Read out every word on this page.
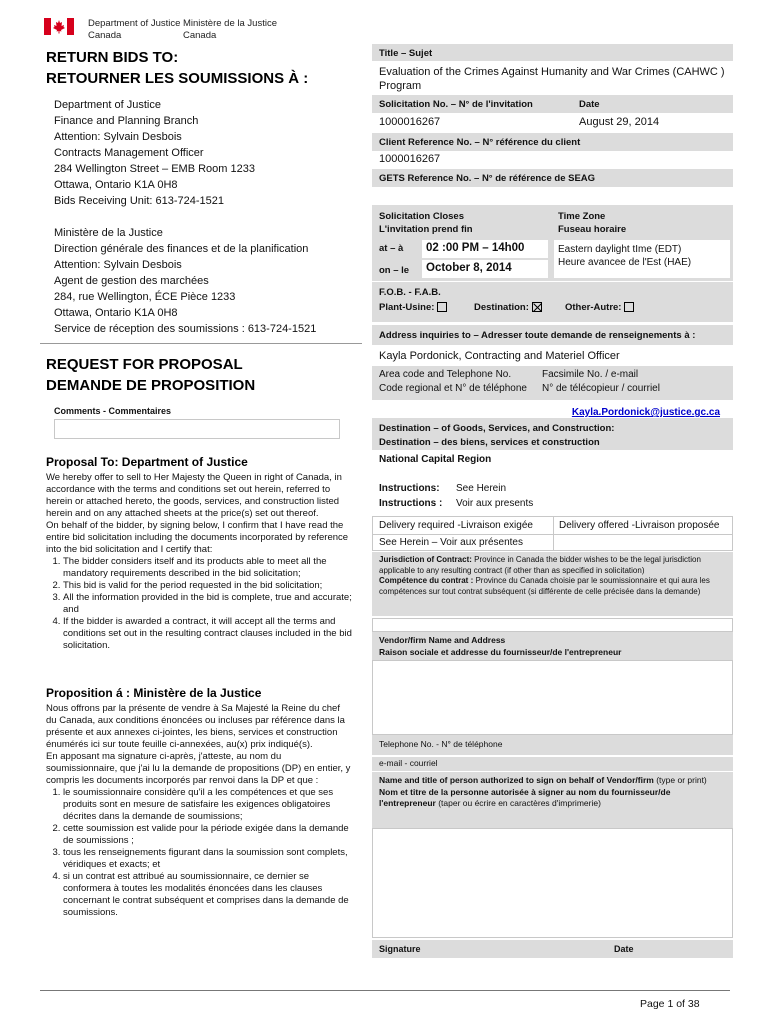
Department of Justice
Canada
Ministère de la Justice
Canada
RETURN BIDS TO:
RETOURNER LES SOUMISSIONS À :
Department of Justice
Finance and Planning Branch
Attention: Sylvain Desbois
Contracts Management Officer
284 Wellington Street – EMB Room 1233
Ottawa, Ontario K1A 0H8
Bids Receiving Unit: 613-724-1521
Ministère de la Justice
Direction générale des finances et de la planification
Attention: Sylvain Desbois
Agent de gestion des marchées
284, rue Wellington, ÉCE Pièce 1233
Ottawa, Ontario K1A 0H8
Service de réception des soumissions : 613-724-1521
REQUEST FOR PROPOSAL
DEMANDE DE PROPOSITION
Comments - Commentaires
Proposal To: Department of Justice

We hereby offer to sell to Her Majesty the Queen in right of Canada, in accordance with the terms and conditions set out herein, referred to herein or attached hereto, the goods, services, and construction listed herein and on any attached sheets at the price(s) set out thereof.

On behalf of the bidder, by signing below, I confirm that I have read the entire bid solicitation including the documents incorporated by reference into the bid solicitation and I certify that:

1. The bidder considers itself and its products able to meet all the mandatory requirements described in the bid solicitation;
2. This bid is valid for the period requested in the bid solicitation;
3. All the information provided in the bid is complete, true and accurate; and
4. If the bidder is awarded a contract, it will accept all the terms and conditions set out in the resulting contract clauses included in the bid solicitation.
Proposition á : Ministère de la Justice

Nous offrons par la présente de vendre à Sa Majesté la Reine du chef du Canada, aux conditions énoncées ou incluses par référence dans la présente et aux annexes ci-jointes, les biens, services et construction énumérés ici sur toute feuille ci-annexées, au(x) prix indiqué(s).

En apposant ma signature ci-après, j'atteste, au nom du soumissionnaire, que j'ai lu la demande de propositions (DP) en entier, y compris les documents incorporés par renvoi dans la DP et que :

1. le soumissionnaire considère qu'il a les compétences et que ses produits sont en mesure de satisfaire les exigences obligatoires décrites dans la demande de soumissions;
2. cette soumission est valide pour la période exigée dans la demande de soumissions ;
3. tous les renseignements figurant dans la soumission sont complets, véridiques et exacts; et
4. si un contrat est attribué au soumissionnaire, ce dernier se conformera à toutes les modalités énoncées dans les clauses concernant le contrat subséquent et comprises dans la demande de soumissions.
Title – Sujet
Evaluation of the Crimes Against Humanity and War Crimes (CAHWC ) Program
Solicitation No. – N° de l'invitation	Date
1000016267	August 29, 2014
Client Reference No. – N° référence du client
1000016267
GETS Reference No. – N° de référence de SEAG
Solicitation Closes
L'invitation prend fin
Time Zone
Fuseau horaire
at – à	02 :00 PM – 14h00
on – le	October 8, 2014
Eastern daylight tIme (EDT)
Heure avancee de l'Est (HAE)
F.O.B. - F.A.B.
Plant-Usine:	Destination:	Other-Autre:
Address inquiries to – Adresser toute demande de renseignements à :
Kayla Pordonick, Contracting and Materiel Officer
Area code and Telephone No.
Code regional et N° de téléphone
Facsimile No. / e-mail
N° de télécopieur / courriel
Kayla.Pordonick@justice.gc.ca
Destination – of Goods, Services, and Construction:
Destination – des biens, services et construction
National Capital Region
Instructions: See Herein
Instructions : Voir aux presents
Delivery required -Livraison exigée	Delivery offered -Livraison proposée
See Herein – Voir aux présentes
Jurisdiction of Contract: Province in Canada the bidder wishes to be the legal jurisdiction applicable to any resulting contract (if other than as specified in solicitation)
Compétence du contrat : Province du Canada choisie par le soumissionnaire et qui aura les compétences sur tout contrat subséquent (si différente de celle précisée dans la demande)
Vendor/firm Name and Address
Raison sociale et addresse du fournisseur/de l'entrepreneur
Telephone No. - N° de téléphone
e-mail - courriel
Name and title of person authorized to sign on behalf of Vendor/firm (type or print)
Nom et titre de la personne autorisée à signer au nom du fournisseur/de l'entrepreneur (taper ou écrire en caractères d'imprimerie)
Signature	Date
Page 1 of 38
